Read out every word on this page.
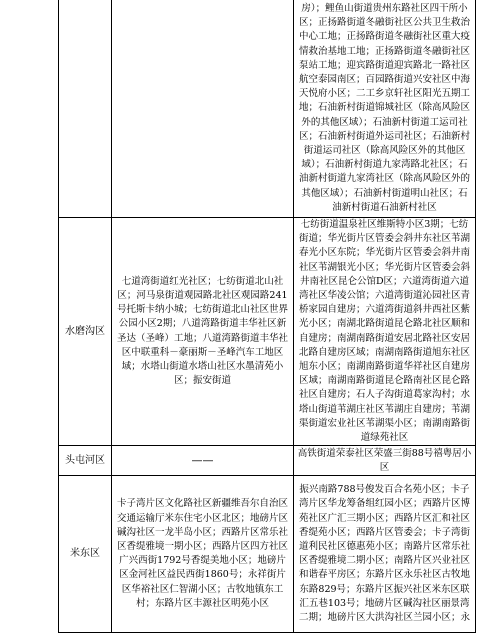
		房）；鲤鱼山街道贵州东路社区四干所小区；正扬路街道冬融街社区公共卫生救治中心工地；正扬路街道冬融街社区重大疫情救治基地工地；正扬路街道冬融街社区泵站工地；迎宾路街道迎宾路北一路社区航空泰园南区；百园路街道兴安社区中海天悦府小区；二工乡京轩社区阳光五期工地；石油新村街道锦城社区（除高风险区外的其他区域）；石油新村街道工运司社区；石油新村街道外运司社区；石油新村街道运司社区（除高风险区外的其他区域）；石油新村街道九家湾路北社区；石油新村街道九家湾社区（除高风险区外的其他区域）；石油新村街道明山社区；石油新村街道石油新村社区
水磨沟区	七道湾街道红光社区；七纺街道北山社区；河马泉街道观园路北社区观园路241号托斯卡纳小城；七纺街道北山社区世界公园小区2期；八道湾路街道丰华社区新圣达（圣峰）工地；八道湾路街道丰华社区中联重科－豪丽斯－圣峰汽车工地区域；水塔山街道水塔山社区水墨清苑小区；振安街道	七纺街道温泉社区维斯特小区3期；七纺街道；华光街片区管委会斜井东社区苇湖春光小区东院；华光街片区管委会斜井南社区苇湖银光小区；华光街片区管委会斜井南社区昆仑公馆D区；六道湾街道六道湾社区华凌公馆；六道湾街道沁园社区青桥家园自建房；六道湾街道斜井西社区紫光小区；南湖北路街道昆仑路北社区顺和自建房；南湖南路街道安居北路社区安居北路自建房区域；南湖南路街道旭东社区旭东小区；南湖南路街道华祥社区自建房区域；南湖南路街道昆仑路南社区昆仑路社区自建房；石人子沟街道葛家沟村；水塔山街道苇湖庄社区苇湖庄自建房；苇湖渠街道宏业社区苇湖渠小区；南湖南路街道绿苑社区
头屯河区	——	高铁街道荣泰社区荣盛三街88号禧粤居小区
米东区	卡子湾片区文化路社区新疆维吾尔自治区交通运输厅米东住宅小区北区；地磅片区碱沟社区一龙半岛小区；西路片区常乐社区香缇雅境一期小区；西路片区四方社区广兴西街1792号香缇美地小区；地磅片区金河社区益民西街1860号；永祥街片区华裕社区仁智湖小区；古牧地镇东工村；东路片区丰源社区明苑小区	振兴南路788号俊发百合名苑小区；卡子湾片区华龙筹备组红园小区；西路片区博苑社区广汇三期小区；西路片区汇和社区香缇苑小区；西路片区管委会；卡子湾街道利民社区德惠苑小区；南路片区常乐社区香缇雅境二期小区；南路片区兴业社区和谐春平房区；东路片区永乐社区古牧地东路829号；东路片区振兴社区米东区联汇五巷103号；地磅片区碱沟社区丽景湾二期；地磅片区大洪沟社区兰园小区；永
